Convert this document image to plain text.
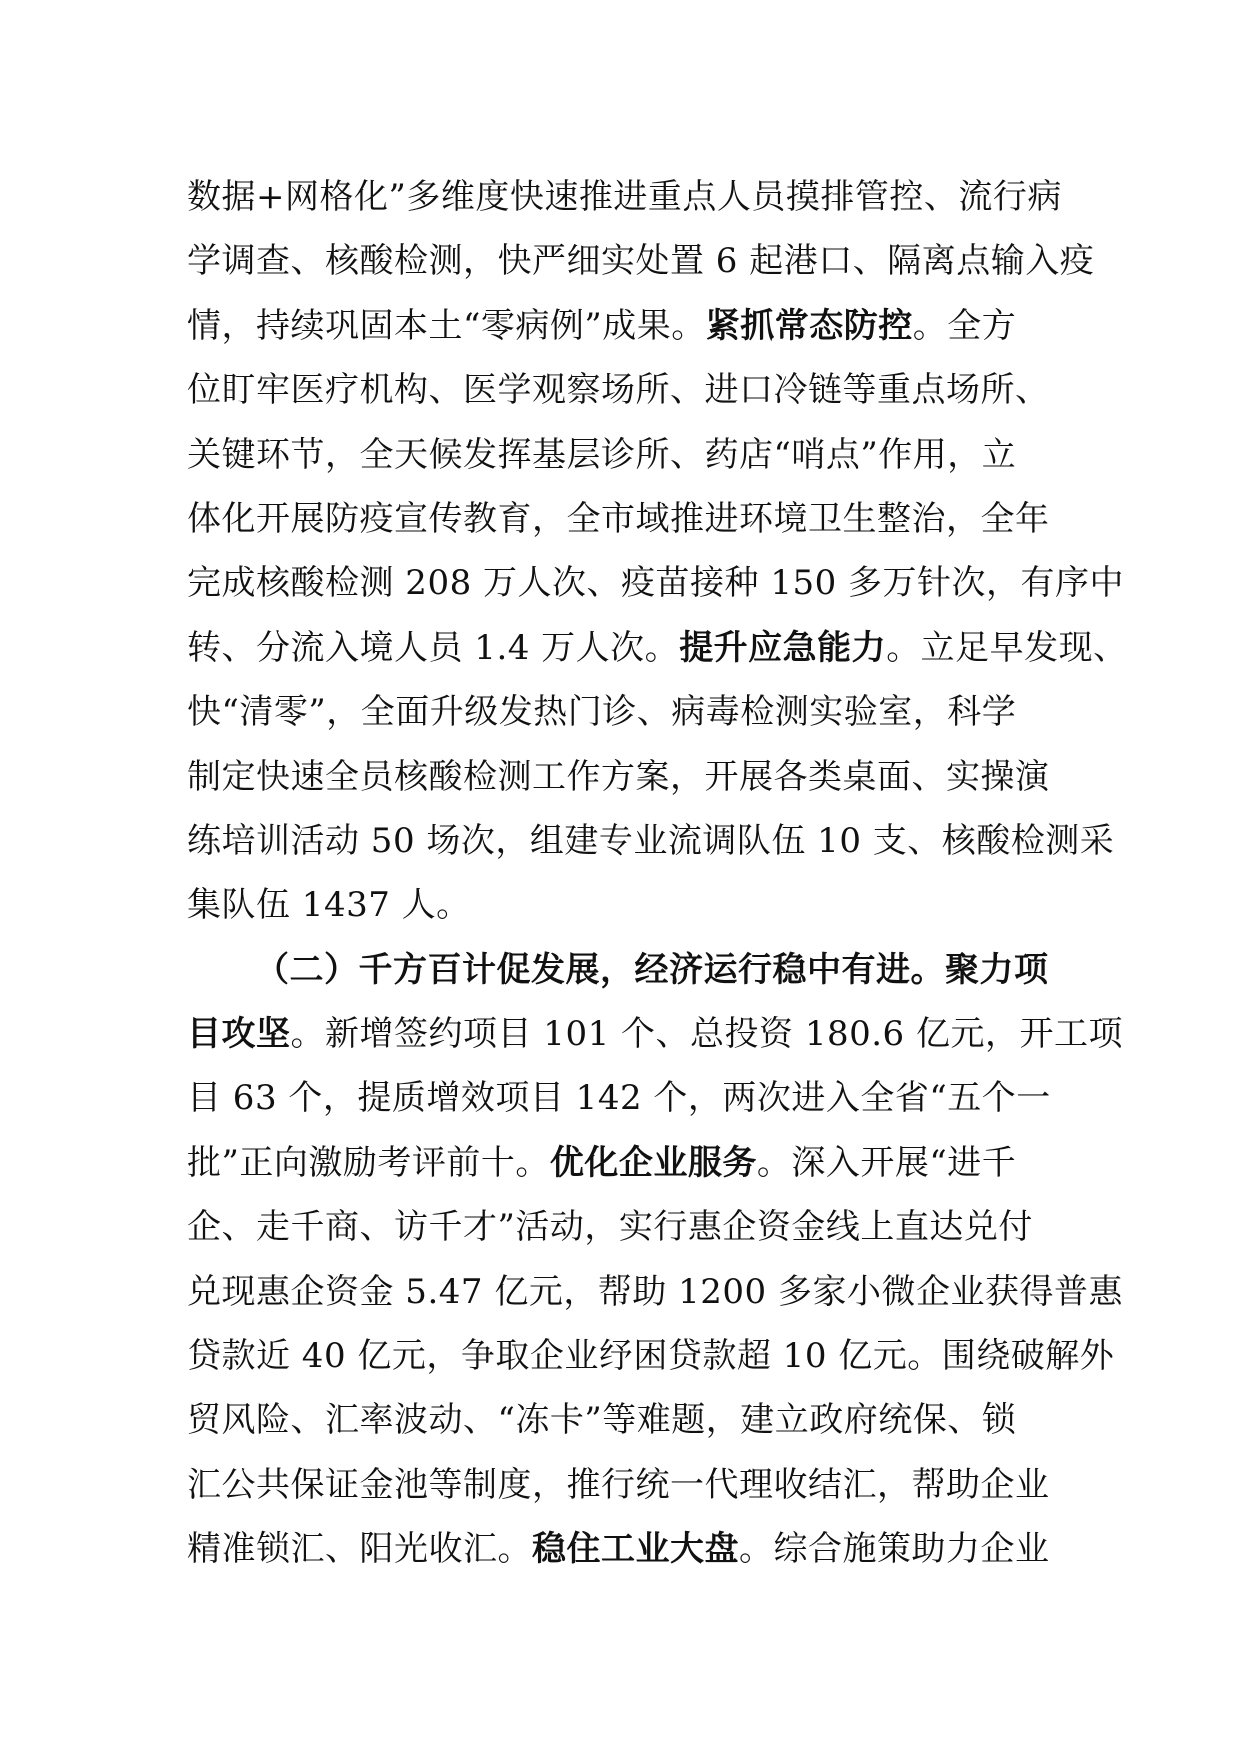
数据+网格化”多维度快速推进重点人员摸排管控、流行病
学调查、核酸检测，快严细实处置 6 起港口、隔离点输入疫
情，持续巩固本土“零病例”成果。紧抓常态防控。全方
位盯牢医疗机构、医学观察场所、进口冷链等重点场所、
关键环节，全天候发挥基层诊所、药店“哨点”作用，立
体化开展防疫宣传教育，全市域推进环境卫生整治，全年
完成核酸检测 208 万人次、疫苗接种 150 多万针次，有序中
转、分流入境人员 1.4 万人次。提升应急能力。立足早发现、
快“清零”，全面升级发热门诊、病毒检测实验室，科学
制定快速全员核酸检测工作方案，开展各类桌面、实操演
练培训活动 50 场次，组建专业流调队伍 10 支、核酸检测采
集队伍 1437 人。
（二）千方百计促发展，经济运行稳中有进。聚力项
目攻坚。新增签约项目 101 个、总投资 180.6 亿元，开工项
目 63 个，提质增效项目 142 个，两次进入全省“五个一
批”正向激励考评前十。优化企业服务。深入开展“进千
企、走千商、访千才”活动，实行惠企资金线上直达兑付
兑现惠企资金 5.47 亿元，帮助 1200 多家小微企业获得普惠
贷款近 40 亿元，争取企业纾困贷款超 10 亿元。围绕破解外
贸风险、汇率波动、“冻卡”等难题，建立政府统保、锁
汇公共保证金池等制度，推行统一代理收结汇，帮助企业
精准锁汇、阳光收汇。稳住工业大盘。综合施策助力企业
